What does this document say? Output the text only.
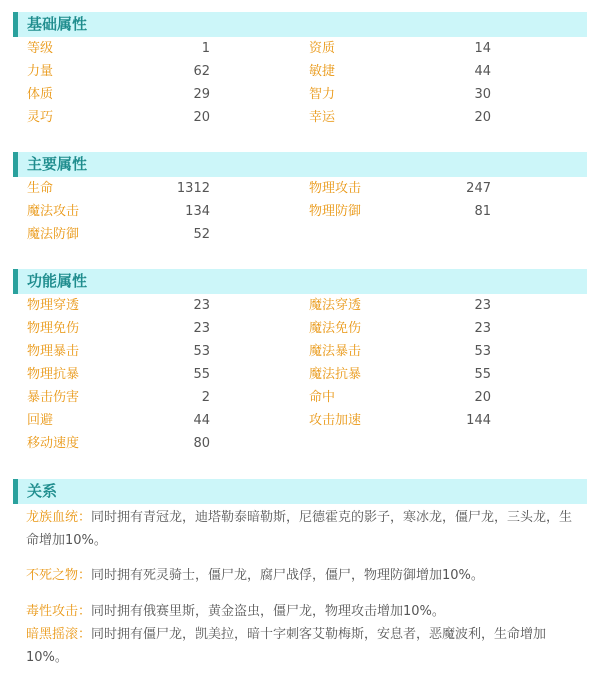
基础属性
等级	1	资质	14
力量	62	敏捷	44
体质	29	智力	30
灵巧	20	幸运	20
主要属性
生命	1312	物理攻击	247
魔法攻击	134	物理防御	81
魔法防御	52
功能属性
物理穿透	23	魔法穿透	23
物理免伤	23	魔法免伤	23
物理暴击	53	魔法暴击	53
物理抗暴	55	魔法抗暴	55
暴击伤害	2	命中	20
回避	44	攻击加速	144
移动速度	80
关系
龙族血统：同时拥有青冠龙，迪塔勒泰暗勒斯，尼德霍克的影子，寒冰龙，僵尸龙，三头龙，生命增加10%。
不死之物：同时拥有死灵骑士，僵尸龙，腐尸战俘，僵尸，物理防御增加10%。
毒性攻击：同时拥有俄赛里斯，黄金盗虫，僵尸龙，物理攻击增加10%。
暗黑摇滚：同时拥有僵尸龙，凯美拉，暗十字刺客艾勒梅斯，安息者，恶魔波利，生命增加10%。
